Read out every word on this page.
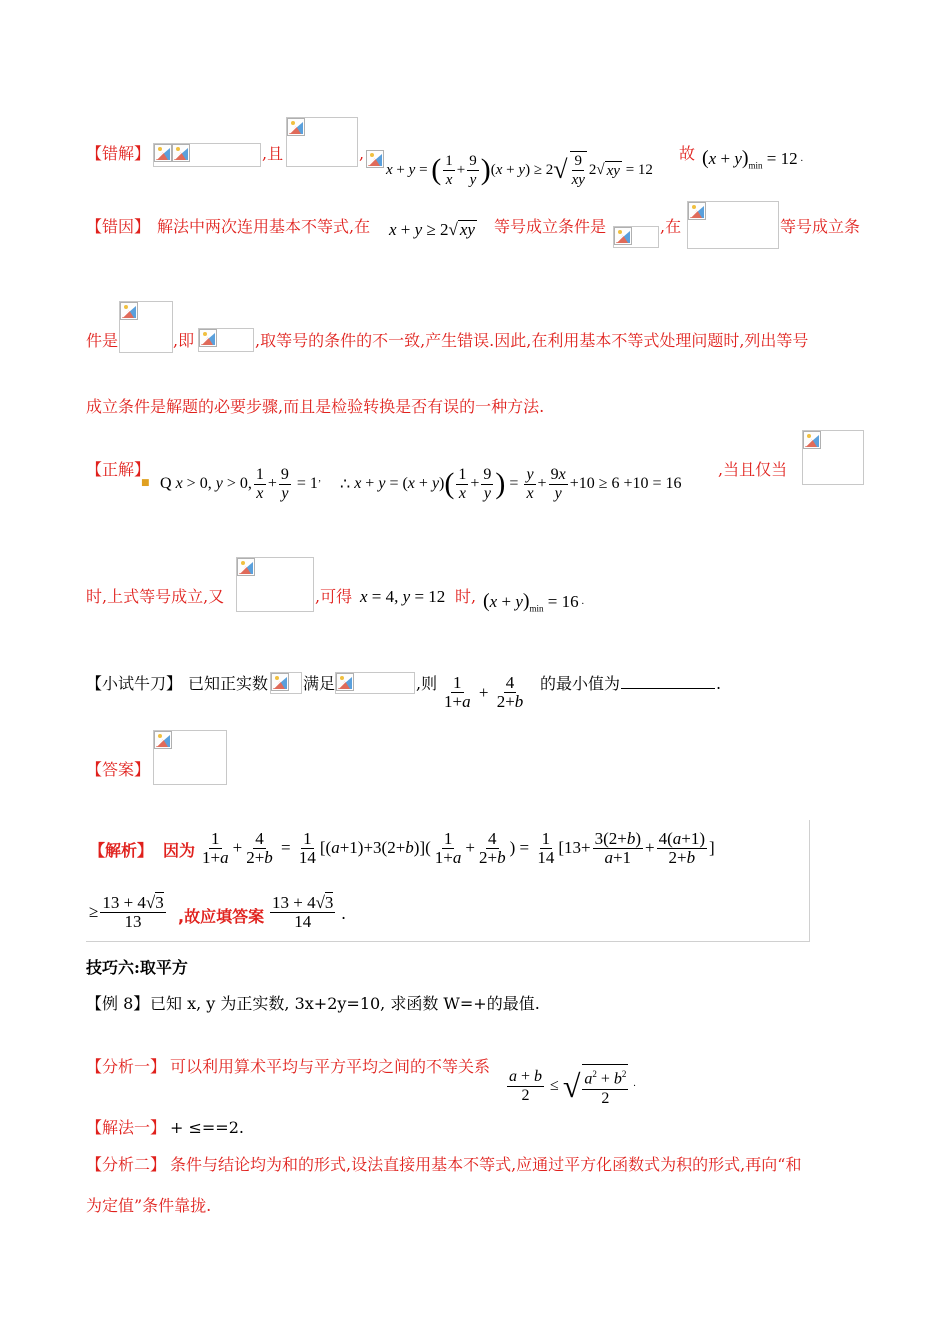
【错解】	,且	,
x + y = ( $\frac{1}{x} + \frac{9}{y}$ ) ( x + y ) ≥ 2 √ $\frac{9}{xy} 2$ √ xy = 12
故 $(x + y)_{min} = 12$ ·
【错因】 解法中两次连用基本不等式,在 x + y ≥ 2√ xy 等号成立条件是	,在	等号成立条
件是	,即	,取等号的条件的不一致,产生错误.因此,在利用基本不等式处理问题时,列出等号
成立条件是解题的必要步骤,而且是检验转换是否有误的一种方法.
【正解】
■ Q x > 0, y > 0, $\frac{1}{x} + \frac{9}{y} = 1$ ’ ∴ x + y = ( x + y ) ( $\frac{1}{x} + \frac{9}{y}$ ) = $\frac{y}{x} + \frac{9x}{y} +10 \ge 6 +10 = 16$
,当且仅当
时,上式等号成立,又	,可得 x = 4, y = 12 时, $(x + y)_{min} = 16$ ·
【小试牛刀】 已知正实数 满足	,则 $\frac{1}{1+a} + \frac{4}{2+b}$ 的最小值为	.
【答案】
【解析】 因为 $\frac{1}{1+a} + \frac{4}{2+b} = \frac{1}{14}$ [( a +1)+3(2+ b )]( $\frac{1}{1+a} + \frac{4}{2+b}$ ) = $\frac{1}{14} [13+ \frac{3(2+b)}{a+1} + \frac{4(a+1)}{2+b}$ ]
≥ $\frac{13 + 4√3}{13}$ ,故应填答案 $\frac{13 + 4√3}{14}$ .
技巧六:取平方
【例 8】 已知 x, y 为正实数, 3x+2y=10, 求函数 W=+的最值.
【分析一】 可以利用算术平均与平方平均之间的不等关系
$\frac{a + b}{2}$ ≤ √ $\frac{a^2 + b^2}{2}$ ·
【解法一】 + ≤==2.
【分析二】 条件与结论均为和的形式,设法直接用基本不等式,应通过平方化函数式为积的形式,再向“和
为定值”条件靠拢.
